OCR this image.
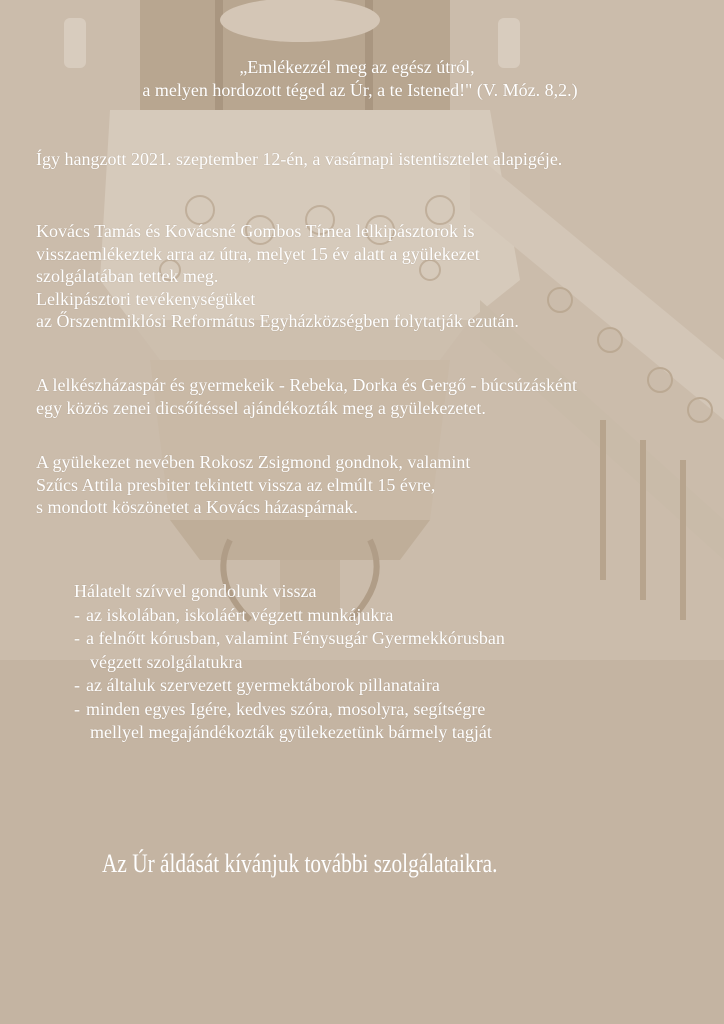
„Emlékezzél meg az egész útról,
a melyen hordozott téged az Úr, a te Istened!" (V. Móz. 8,2.)

Így hangzott 2021. szeptember 12-én, a vasárnapi istentisztelet alapigéje.

Kovács Tamás és Kovácsné Gombos Tímea lelkipásztorok is
visszaemlékeztek arra az útra, melyet 15 év alatt a gyülekezet
szolgálatában tettek meg.
Lelkipásztori tevékenységüket
az Őrszentmiklósi Református Egyházközségben folytatják ezután.
A lelkészházaspár és gyermekeik - Rebeka, Dorka és Gergő - búcsúzásként
egy közös zenei dicsőítéssel ajándékozták meg a gyülekezetet.
A gyülekezet nevében Rokosz Zsigmond gondnok, valamint
Szűcs Attila presbiter tekintett vissza az elmúlt 15 évre,
s mondott köszönetet a Kovács házaspárnak.
Hálatelt szívvel gondolunk vissza
- az iskolában, iskoláért végzett munkájukra
- a felnőtt kórusban, valamint Fénysugár Gyermekkórusban
végzett szolgálatukra
- az általuk szervezett gyermektáborok pillanataira
- minden egyes Igére, kedves szóra, mosolyra, segítségre
mellyel megajándékozták gyülekezetünk bármely tagját

Az Úr áldását kívánjuk további szolgálataikra.
